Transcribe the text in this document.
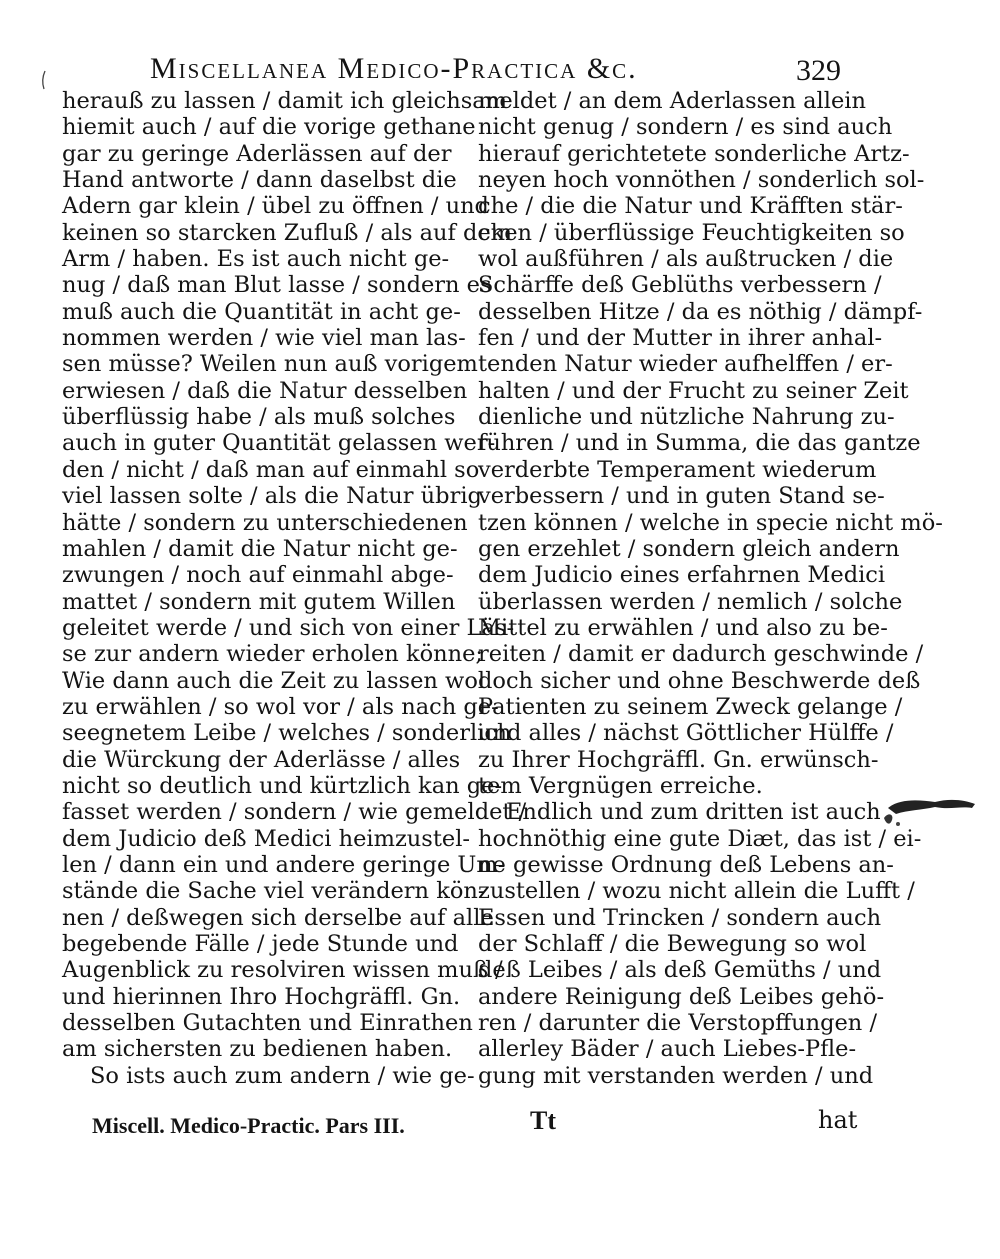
Miscellanea Medico-Practica &c.	329
herauß zu lassen / damit ich gleichsam
hiemit auch / auf die vorige gethane
gar zu geringe Aderlässen auf der
Hand antworte / dann daselbst die
Adern gar klein / übel zu öffnen / und
keinen so starcken Zufluß / als auf dem
Arm / haben. Es ist auch nicht ge-
nug / daß man Blut lasse / sondern es
muß auch die Quantität in acht ge-
nommen werden / wie viel man las-
sen müsse? Weilen nun auß vorigem
erwiesen / daß die Natur desselben
überflüssig habe / als muß solches
auch in guter Quantität gelassen wer-
den / nicht / daß man auf einmahl so
viel lassen solte / als die Natur übrig
hätte / sondern zu unterschiedenen
mahlen / damit die Natur nicht ge-
zwungen / noch auf einmahl abge-
mattet / sondern mit gutem Willen
geleitet werde / und sich von einer Läs-
se zur andern wieder erholen könne;
Wie dann auch die Zeit zu lassen wol
zu erwählen / so wol vor / als nach ge-
seegnetem Leibe / welches / sonderlich
die Würckung der Aderlässe / alles
nicht so deutlich und kürtzlich kan ge-
fasset werden / sondern / wie gemeldet /
dem Judicio deß Medici heimzustel-
len / dann ein und andere geringe Um-
stände die Sache viel verändern kön-
nen / deßwegen sich derselbe auf alle
begebende Fälle / jede Stunde und
Augenblick zu resolviren wissen muß /
und hierinnen Ihro Hochgräffl. Gn.
desselben Gutachten und Einrathen
am sichersten zu bedienen haben.
So ists auch zum andern / wie ge-
meldet / an dem Aderlassen allein
nicht genug / sondern / es sind auch
hierauf gerichtetete sonderliche Artz-
neyen hoch vonnöthen / sonderlich sol-
che / die die Natur und Kräfften stär-
cken / überflüssige Feuchtigkeiten so
wol außführen / als außtrucken / die
Schärffe deß Geblüths verbessern /
desselben Hitze / da es nöthig / dämpf-
fen / und der Mutter in ihrer anhal-
tenden Natur wieder aufhelffen / er-
halten / und der Frucht zu seiner Zeit
dienliche und nützliche Nahrung zu-
führen / und in Summa, die das gantze
verderbte Temperament wiederum
verbessern / und in guten Stand se-
tzen können / welche in specie nicht mö-
gen erzehlet / sondern gleich andern
dem Judicio eines erfahrnen Medici
überlassen werden / nemlich / solche
Mittel zu erwählen / und also zu be-
reiten / damit er dadurch geschwinde /
doch sicher und ohne Beschwerde deß
Patienten zu seinem Zweck gelange /
und alles / nächst Göttlicher Hülffe /
zu Ihrer Hochgräffl. Gn. erwünsch-
tem Vergnügen erreiche.
Endlich und zum dritten ist auch
hochnöthig eine gute Diæt, das ist / ei-
ne gewisse Ordnung deß Lebens an-
zustellen / wozu nicht allein die Lufft /
Essen und Trincken / sondern auch
der Schlaff / die Bewegung so wol
deß Leibes / als deß Gemüths / und
andere Reinigung deß Leibes gehö-
ren / darunter die Verstopffungen /
allerley Bäder / auch Liebes-Pfle-
gung mit verstanden werden / und
Miscell. Medico-Practic. Pars III.	Tt	hat
